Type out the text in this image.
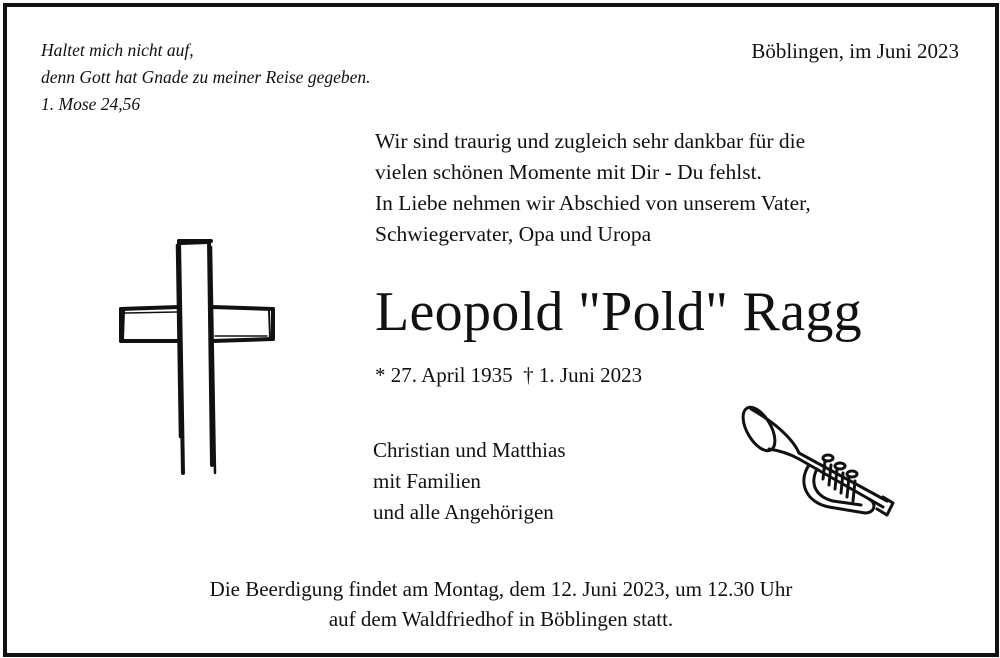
Haltet mich nicht auf,
denn Gott hat Gnade zu meiner Reise gegeben.
1. Mose 24,56
Böblingen, im Juni 2023
Wir sind traurig und zugleich sehr dankbar für die
vielen schönen Momente mit Dir - Du fehlst.
In Liebe nehmen wir Abschied von unserem Vater,
Schwiegervater, Opa und Uropa
Leopold "Pold" Ragg
* 27. April 1935  † 1. Juni 2023
Christian und Matthias
mit Familien
und alle Angehörigen
Die Beerdigung findet am Montag, dem 12. Juni 2023, um 12.30 Uhr
auf dem Waldfriedhof in Böblingen statt.
